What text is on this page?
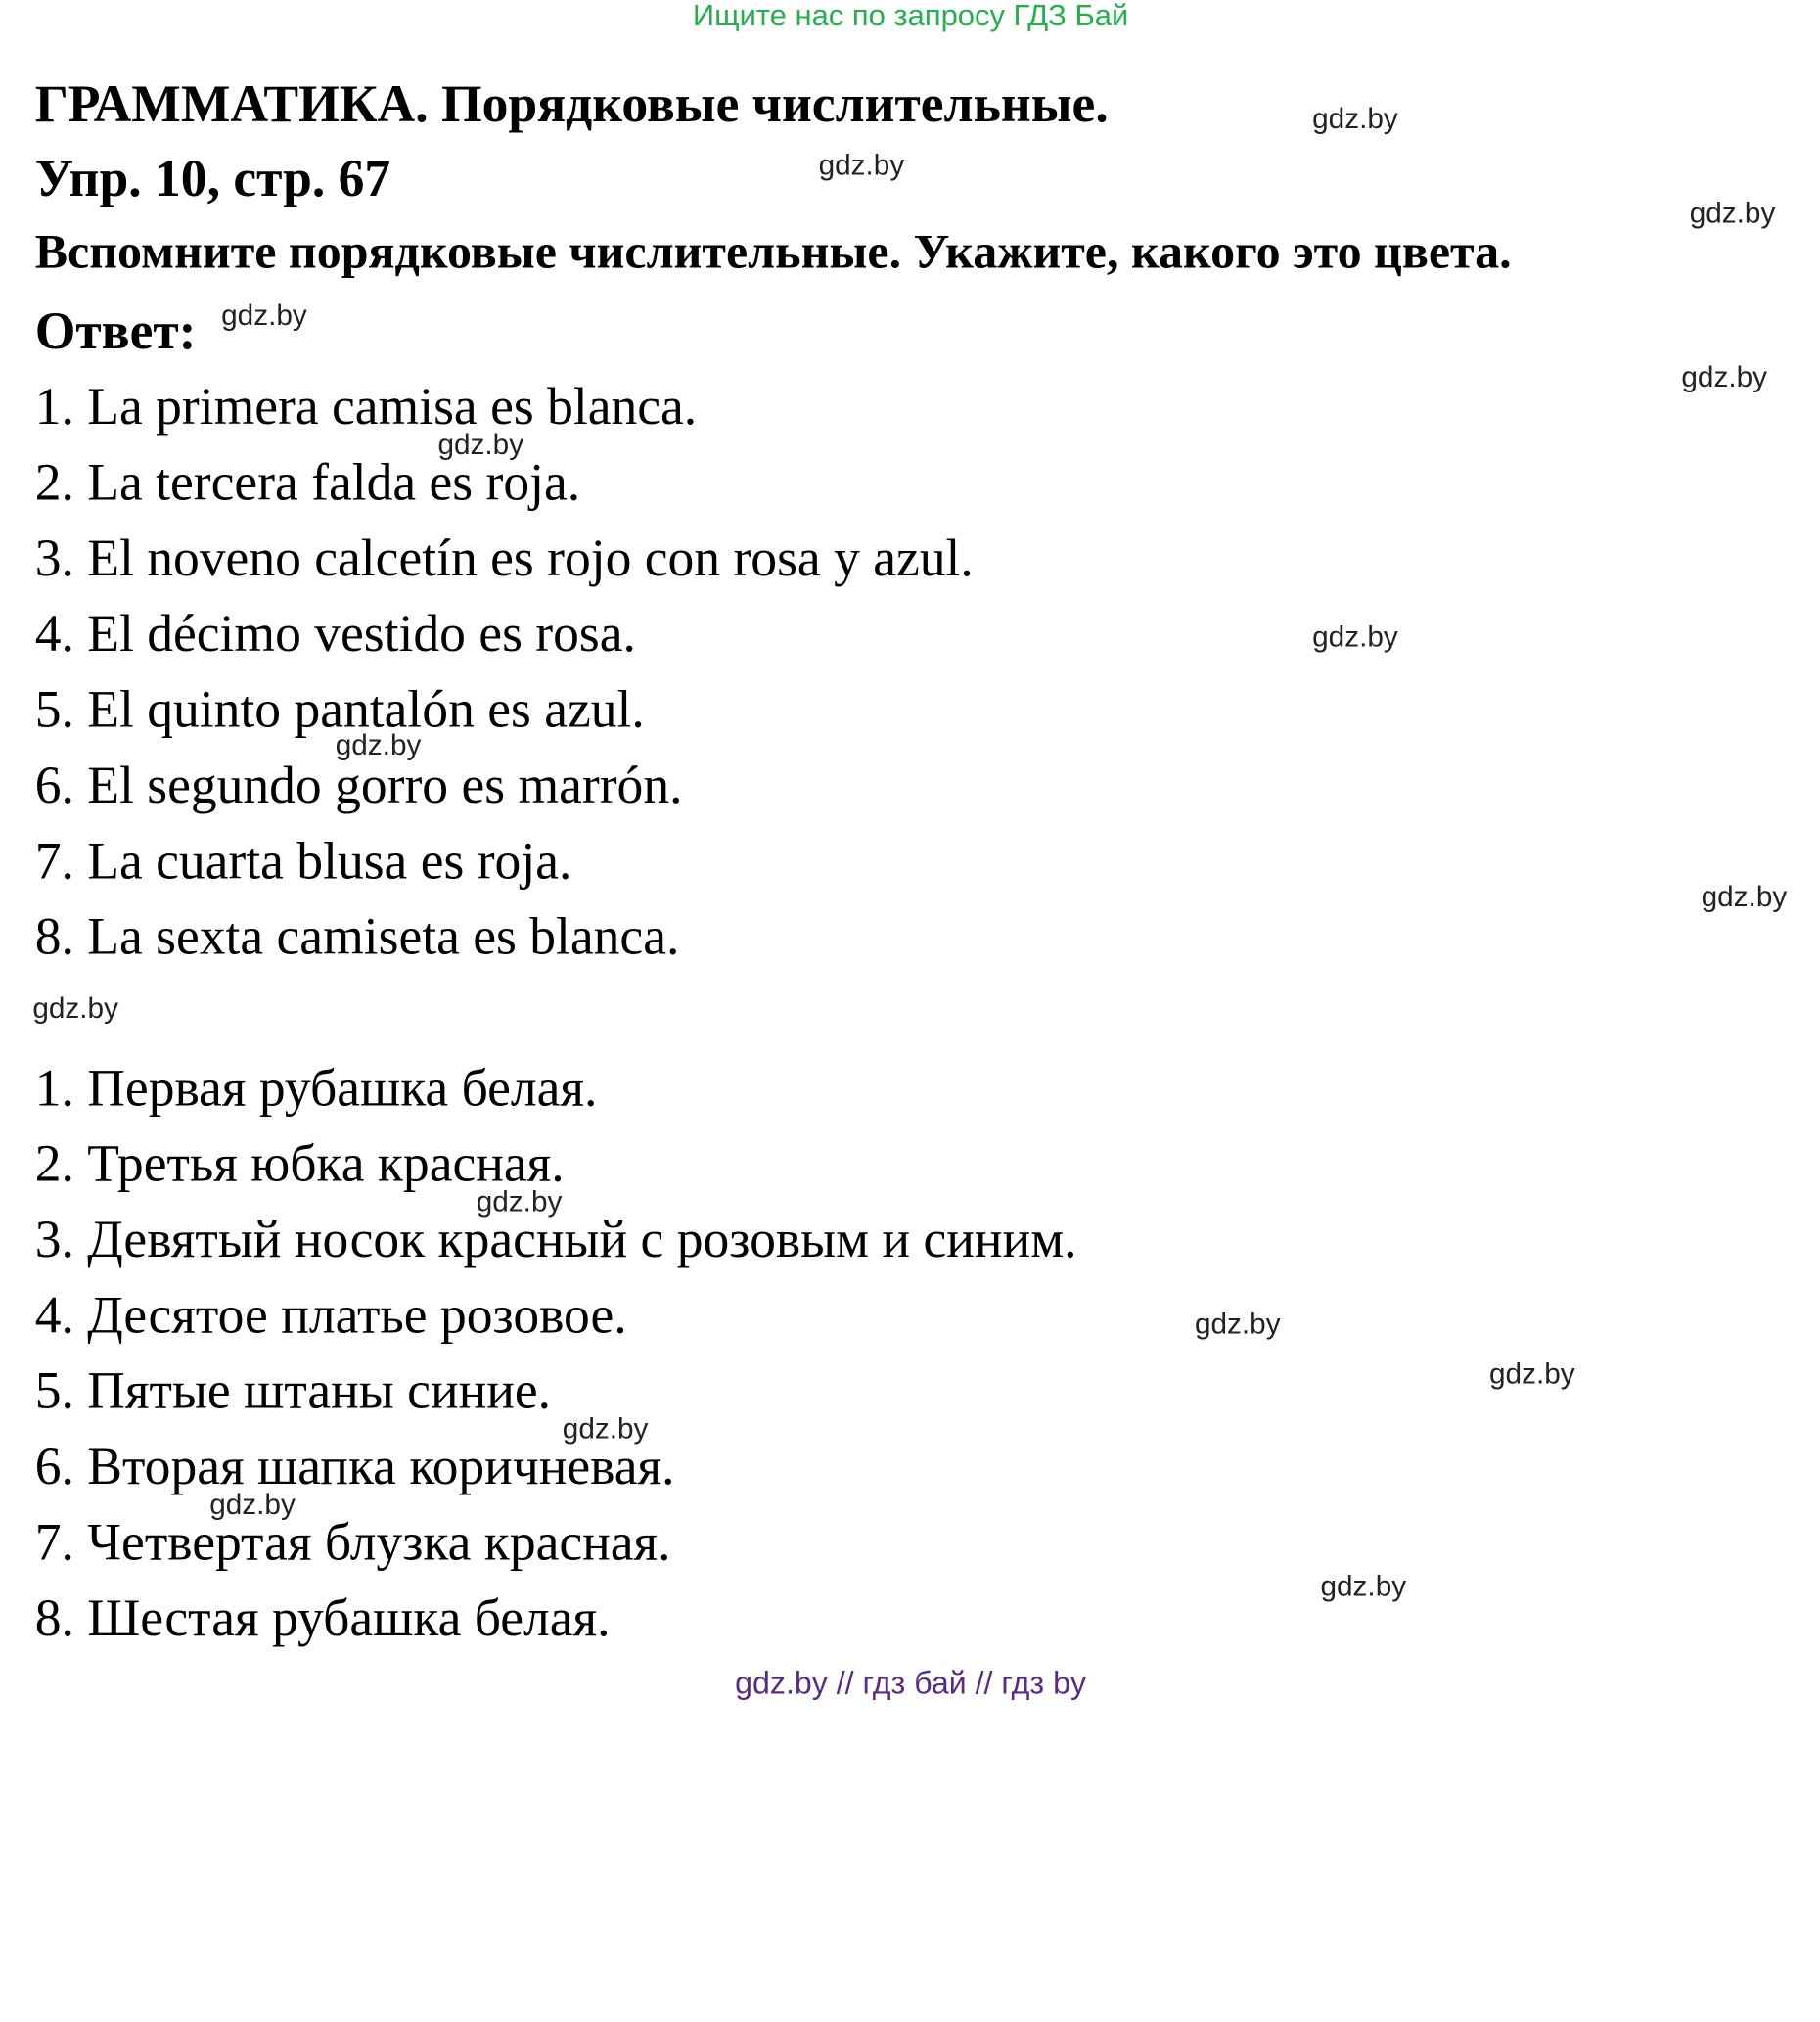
Ищите нас по запросу ГДЗ Бай
ГРАММАТИКА. Порядковые числительные.
Упр. 10, стр. 67
Вспомните порядковые числительные. Укажите, какого это цвета.
Ответ:
1. La primera camisa es blanca.
2. La tercera falda es roja.
3. El noveno calcetín es rojo con rosa y azul.
4. El décimo vestido es rosa.
5. El quinto pantalón es azul.
6. El segundo gorro es marrón.
7. La cuarta blusa es roja.
8. La sexta camiseta es blanca.
1. Первая рубашка белая.
2. Третья юбка красная.
3. Девятый носок красный с розовым и синим.
4. Десятое платье розовое.
5. Пятые штаны синие.
6. Вторая шапка коричневая.
7. Четвертая блузка красная.
8. Шестая рубашка белая.
gdz.by
gdz.by
gdz.by
gdz.by
gdz.by
gdz.by
gdz.by
gdz.by
gdz.by
gdz.by
gdz.by
gdz.by
gdz.by
gdz.by
gdz.by
gdz.by
gdz.by // гдз бай // гдз by
